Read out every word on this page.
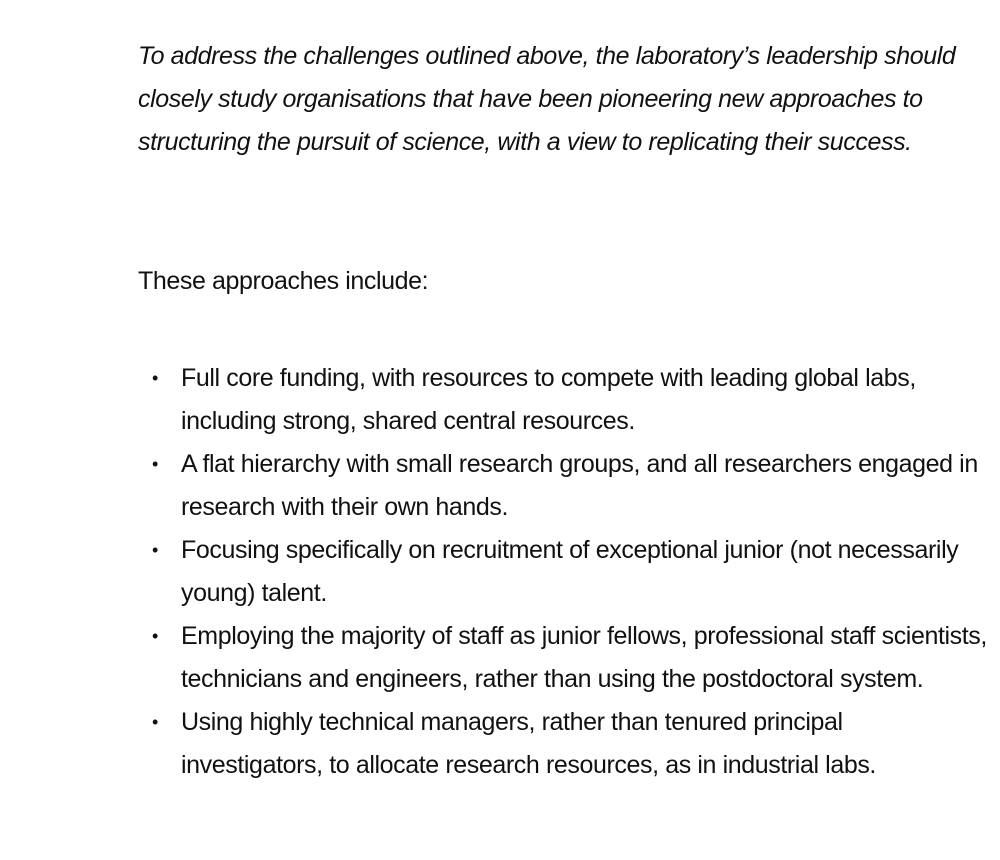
To address the challenges outlined above, the laboratory’s leadership should closely study organisations that have been pioneering new approaches to structuring the pursuit of science, with a view to replicating their success.

These approaches include:

• Full core funding, with resources to compete with leading global labs, including strong, shared central resources.
• A flat hierarchy with small research groups, and all researchers engaged in research with their own hands.
• Focusing specifically on recruitment of exceptional junior (not necessarily young) talent.
• Employing the majority of staff as junior fellows, professional staff scientists, technicians and engineers, rather than using the postdoctoral system.
• Using highly technical managers, rather than tenured principal investigators, to allocate research resources, as in industrial labs.
